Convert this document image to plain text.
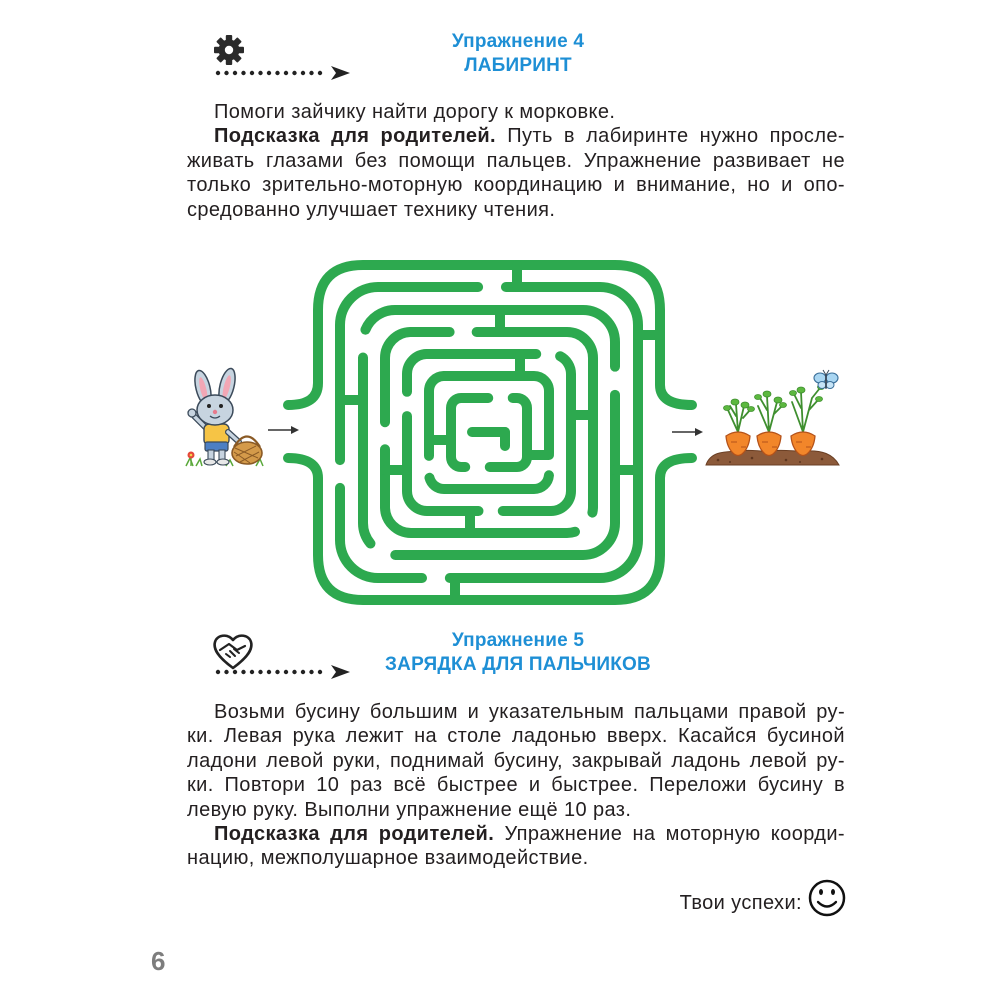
Упражнение 4
ЛАБИРИНТ
Помоги зайчику найти дорогу к морковке.
Подсказка для родителей. Путь в лабиринте нужно просле-
живать глазами без помощи пальцев. Упражнение развивает не
только зрительно-моторную координацию и внимание, но и опо-
средованно улучшает технику чтения.
Упражнение 5
ЗАРЯДКА ДЛЯ ПАЛЬЧИКОВ
Возьми бусину большим и указательным пальцами правой ру-
ки. Левая рука лежит на столе ладонью вверх. Касайся бусиной
ладони левой руки, поднимай бусину, закрывай ладонь левой ру-
ки. Повтори 10 раз всё быстрее и быстрее. Переложи бусину в
левую руку. Выполни упражнение ещё 10 раз.
Подсказка для родителей. Упражнение на моторную коорди-
нацию, межполушарное взаимодействие.
Твои успехи:
6
